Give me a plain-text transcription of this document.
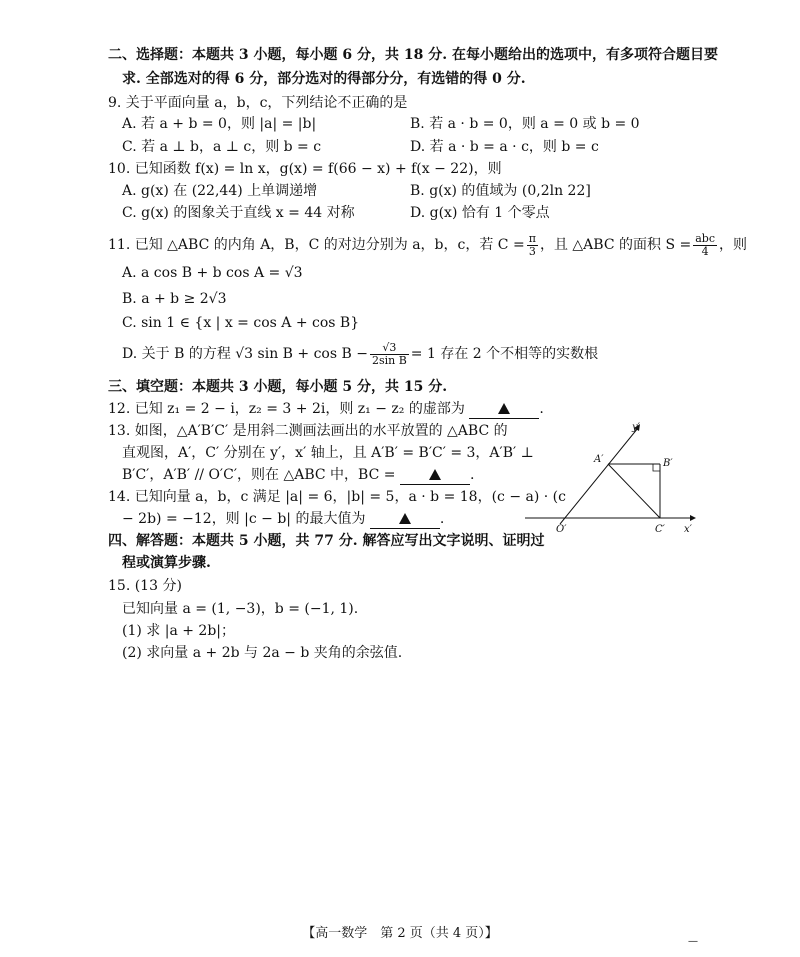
二、选择题：本题共 3 小题，每小题 6 分，共 18 分. 在每小题给出的选项中，有多项符合题目要
求. 全部选对的得 6 分，部分选对的得部分分，有选错的得 0 分.
9. 关于平面向量 a，b，c，下列结论不正确的是
A. 若 a + b = 0，则 |a| = |b|	B. 若 a · b = 0，则 a = 0 或 b = 0
C. 若 a ⊥ b，a ⊥ c，则 b = c	D. 若 a · b = a · c，则 b = c
10. 已知函数 f(x) = ln x，g(x) = f(66 − x) + f(x − 22)，则
A. g(x) 在 (22,44) 上单调递增	B. g(x) 的值域为 (0,2ln 22]
C. g(x) 的图象关于直线 x = 44 对称	D. g(x) 恰有 1 个零点
11. 已知 △ABC 的内角 A，B，C 的对边分别为 a，b，c，若 $C = \frac{\pi}{3}$ ，且 △ABC 的面积 $S = \frac{\text{abc}}{4}$ ，则
A. a cos B + b cos A = √3
B. a + b ≥ 2√3
C. sin 1 ∈ {x | x = cos A + cos B}
D. 关于 B 的方程 √3 $\sin B + \cos B - \frac{√3}{\text{2sin B}} = 1$ 存在 2 个不相等的实数根
三、填空题：本题共 3 小题，每小题 5 分，共 15 分.
12. 已知 z₁ = 2 − i，z₂ = 3 + 2i，则 z₁ − z₂ 的虚部为	.
13. 如图，△A′B′C′ 是用斜二测画法画出的水平放置的 △ABC 的
直观图，A′，C′ 分别在 y′，x′ 轴上，且 A′B′ = B′C′ = 3，A′B′ ⊥
B′C′，A′B′ // O′C′，则在 △ABC 中，BC =	.
14. 已知向量 a，b，c 满足 |a| = 6，|b| = 5，a · b = 18，(c − a) · (c
− 2b) = −12，则 |c − b| 的最大值为	.
四、解答题：本题共 5 小题，共 77 分. 解答应写出文字说明、证明过
程或演算步骤.
15. (13 分)
已知向量 a = (1, −3)，b = (−1, 1).
(1) 求 |a + 2b|；
(2) 求向量 a + 2b 与 2a − b 夹角的余弦值.
y′
x′
O′
A′	B′
C′
【高一数学　第 2 页（共 4 页）】
—
